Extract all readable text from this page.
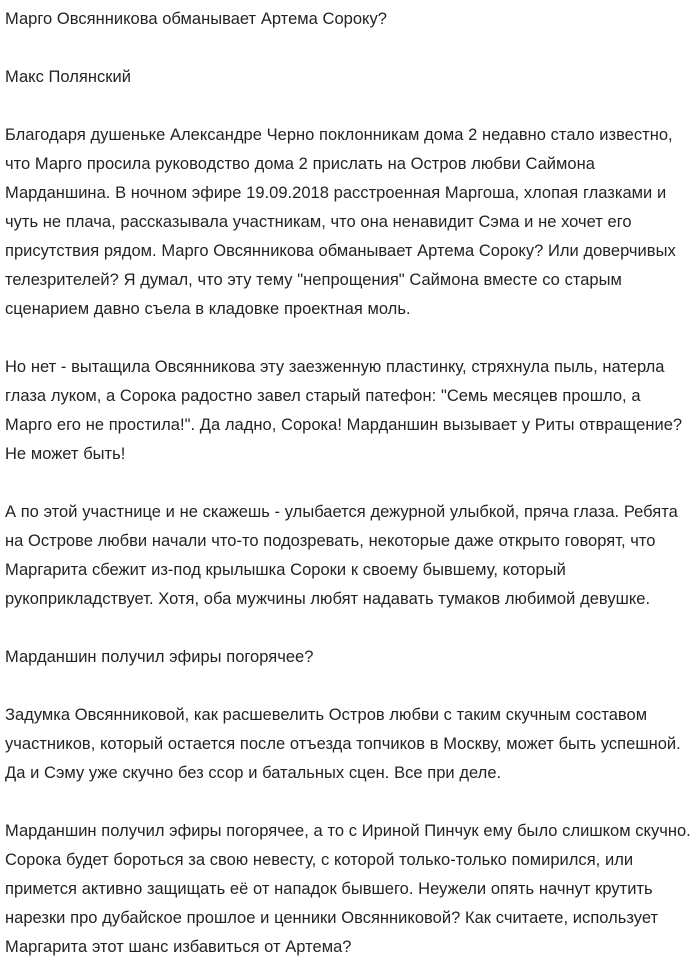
Марго Овсянникова обманывает Артема Сороку?

Макс Полянский

Благодаря душеньке Александре Черно поклонникам дома 2 недавно стало известно, что Марго просила руководство дома 2 прислать на Остров любви Саймона Марданшина. В ночном эфире 19.09.2018 расстроенная Маргоша, хлопая глазками и чуть не плача, рассказывала участникам, что она ненавидит Сэма и не хочет его присутствия рядом. Марго Овсянникова обманывает Артема Сороку? Или доверчивых телезрителей? Я думал, что эту тему "непрощения" Саймона вместе со старым сценарием давно съела в кладовке проектная моль.

Но нет - вытащила Овсянникова эту заезженную пластинку, стряхнула пыль, натерла глаза луком, а Сорока радостно завел старый патефон: "Семь месяцев прошло, а Марго его не простила!". Да ладно, Сорока! Марданшин вызывает у Риты отвращение? Не может быть!

А по этой участнице и не скажешь - улыбается дежурной улыбкой, пряча глаза. Ребята на Острове любви начали что-то подозревать, некоторые даже открыто говорят, что Маргарита сбежит из-под крылышка Сороки к своему бывшему, который рукоприкладствует. Хотя, оба мужчины любят надавать тумаков любимой девушке.

Марданшин получил эфиры погорячее?

Задумка Овсянниковой, как расшевелить Остров любви с таким скучным составом участников, который остается после отъезда топчиков в Москву, может быть успешной. Да и Сэму уже скучно без ссор и батальных сцен. Все при деле.

Марданшин получил эфиры погорячее, а то с Ириной Пинчук ему было слишком скучно. Сорока будет бороться за свою невесту, с которой только-только помирился, или примется активно защищать её от нападок бывшего. Неужели опять начнут крутить нарезки про дубайское прошлое и ценники Овсянниковой? Как считаете, использует Маргарита этот шанс избавиться от Артема?
